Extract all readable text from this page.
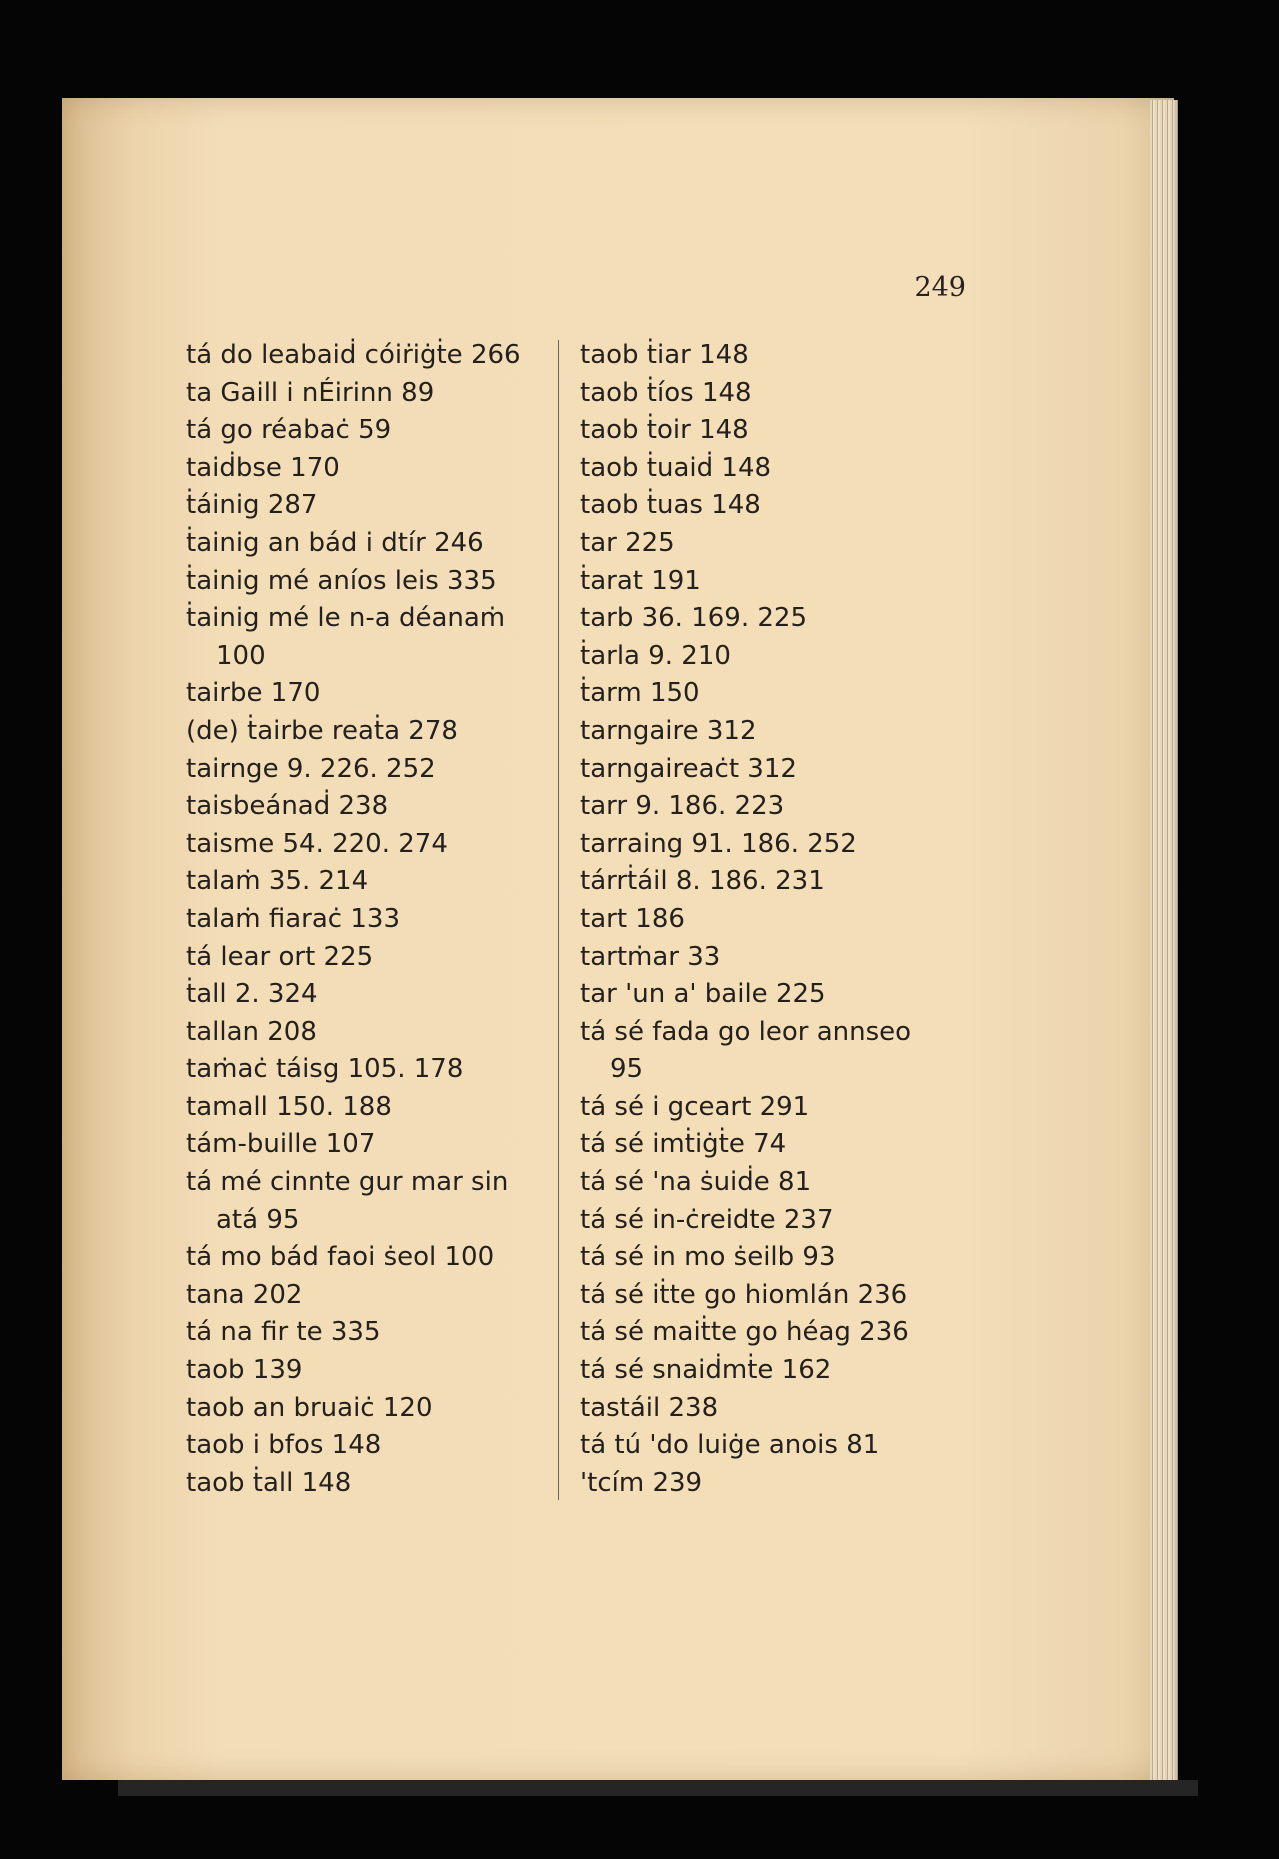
249
tá do leabaiḋ cóiṙiġṫe 266
ta Gaill i nÉirinn 89
tá go réabaċ 59
taiḋbse 170
ṫáinig 287
ṫainig an bád i dtír 246
ṫainig mé aníos leis 335
ṫainig mé le n-a déanaṁ 100
tairbe 170
(de) ṫairbe reaṫa 278
tairnge 9. 226. 252
taisbeánaḋ 238
taisme 54. 220. 274
talaṁ 35. 214
talaṁ fiaraċ 133
tá lear ort 225
ṫall 2. 324
tallan 208
taṁaċ táisg 105. 178
tamall 150. 188
tám-buille 107
tá mé cinnte gur mar sin atá 95
tá mo bád faoi ṡeol 100
tana 202
tá na fir te 335
taob 139
taob an bruaiċ 120
taob i bfos 148
taob ṫall 148
taob ṫiar 148
taob ṫíos 148
taob ṫoir 148
taob ṫuaiḋ 148
taob ṫuas 148
tar 225
ṫarat 191
tarb 36. 169. 225
ṫarla 9. 210
ṫarm 150
tarngaire 312
tarngaireaċt 312
tarr 9. 186. 223
tarraing 91. 186. 252
tárrṫáil 8. 186. 231
tart 186
tartṁar 33
tar 'un a' baile 225
tá sé fada go leor annseo 95
tá sé i gceart 291
tá sé imṫiġṫe 74
tá sé 'na ṡuiḋe 81
tá sé in-ċreidte 237
tá sé in mo ṡeilb 93
tá sé iṫte go hiomlán 236
tá sé maiṫte go héag 236
tá sé snaiḋmṫe 162
tastáil 238
tá tú 'do luiġe anois 81
'tcím 239
